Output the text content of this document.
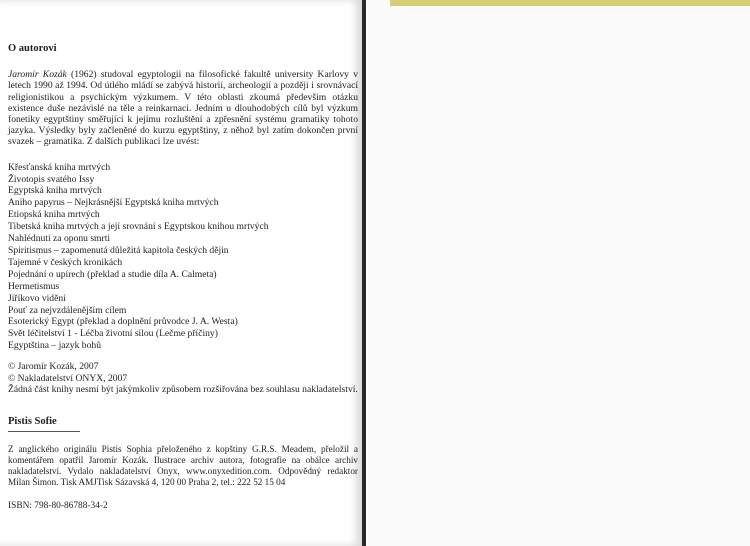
O autorovi

Jaromír Kozák (1962) studoval egyptologii na filosofické fakultě university Karlovy v letech 1990 až 1994. Od útlého mládí se zabývá historií, archeologií a později i srovnávací religionistikou a psychickým výzkumem. V této oblasti zkoumá především otázku existence duše nezávislé na těle a reinkarnaci. Jedním u dlouhodobých cílů byl výzkum fonetiky egyptštiny směřující k jejímu rozluštění a zpřesnění systému gramatiky tohoto jazyka. Výsledky byly začleněné do kurzu egyptštiny, z něhož byl zatím dokončen první svazek – gramatika. Z dalších publikací lze uvést:

Křesťanská kniha mrtvých
Životopis svatého Issy
Egyptská kniha mrtvých
Aniho papyrus – Nejkrásnější Egyptská kniha mrtvých
Etiopská kniha mrtvých
Tibetská kniha mrtvých a její srovnání s Egyptskou knihou mrtvých
Nahlédnutí za oponu smrti
Spiritismus – zapomenutá důležitá kapitola českých dějin
Tajemné v českých kronikách
Pojednání o upírech (překlad a studie díla A. Calmeta)
Hermetismus
Jiříkovo vidění
Pouť za nejvzdálenějším cílem
Esoterický Egypt (překlad a doplnění průvodce J. A. Westa)
Svět léčitelství 1 - Léčba životní silou (Lečme příčiny)
Egyptština – jazyk bohů
© Jaromír Kozák, 2007
© Nakladatelství ONYX, 2007
Žádná část knihy nesmí být jakýmkoliv způsobem rozšiřována bez souhlasu nakladatelství.
Pistis Sofie

Z anglického originálu Pistis Sophia přeloženého z kopštiny G.R.S. Meadem, přeložil a komentářem opatřil Jaromír Kozák. Ilustrace archiv autora, fotografie na obálce archiv nakladatelství. Vydalo nakladatelství Onyx, www.onyxedition.com. Odpovědný redaktor Milan Šimon. Tisk AMJTisk Sázavská 4, 120 00 Praha 2, tel.: 222 52 15 04

ISBN: 798-80-86788-34-2
